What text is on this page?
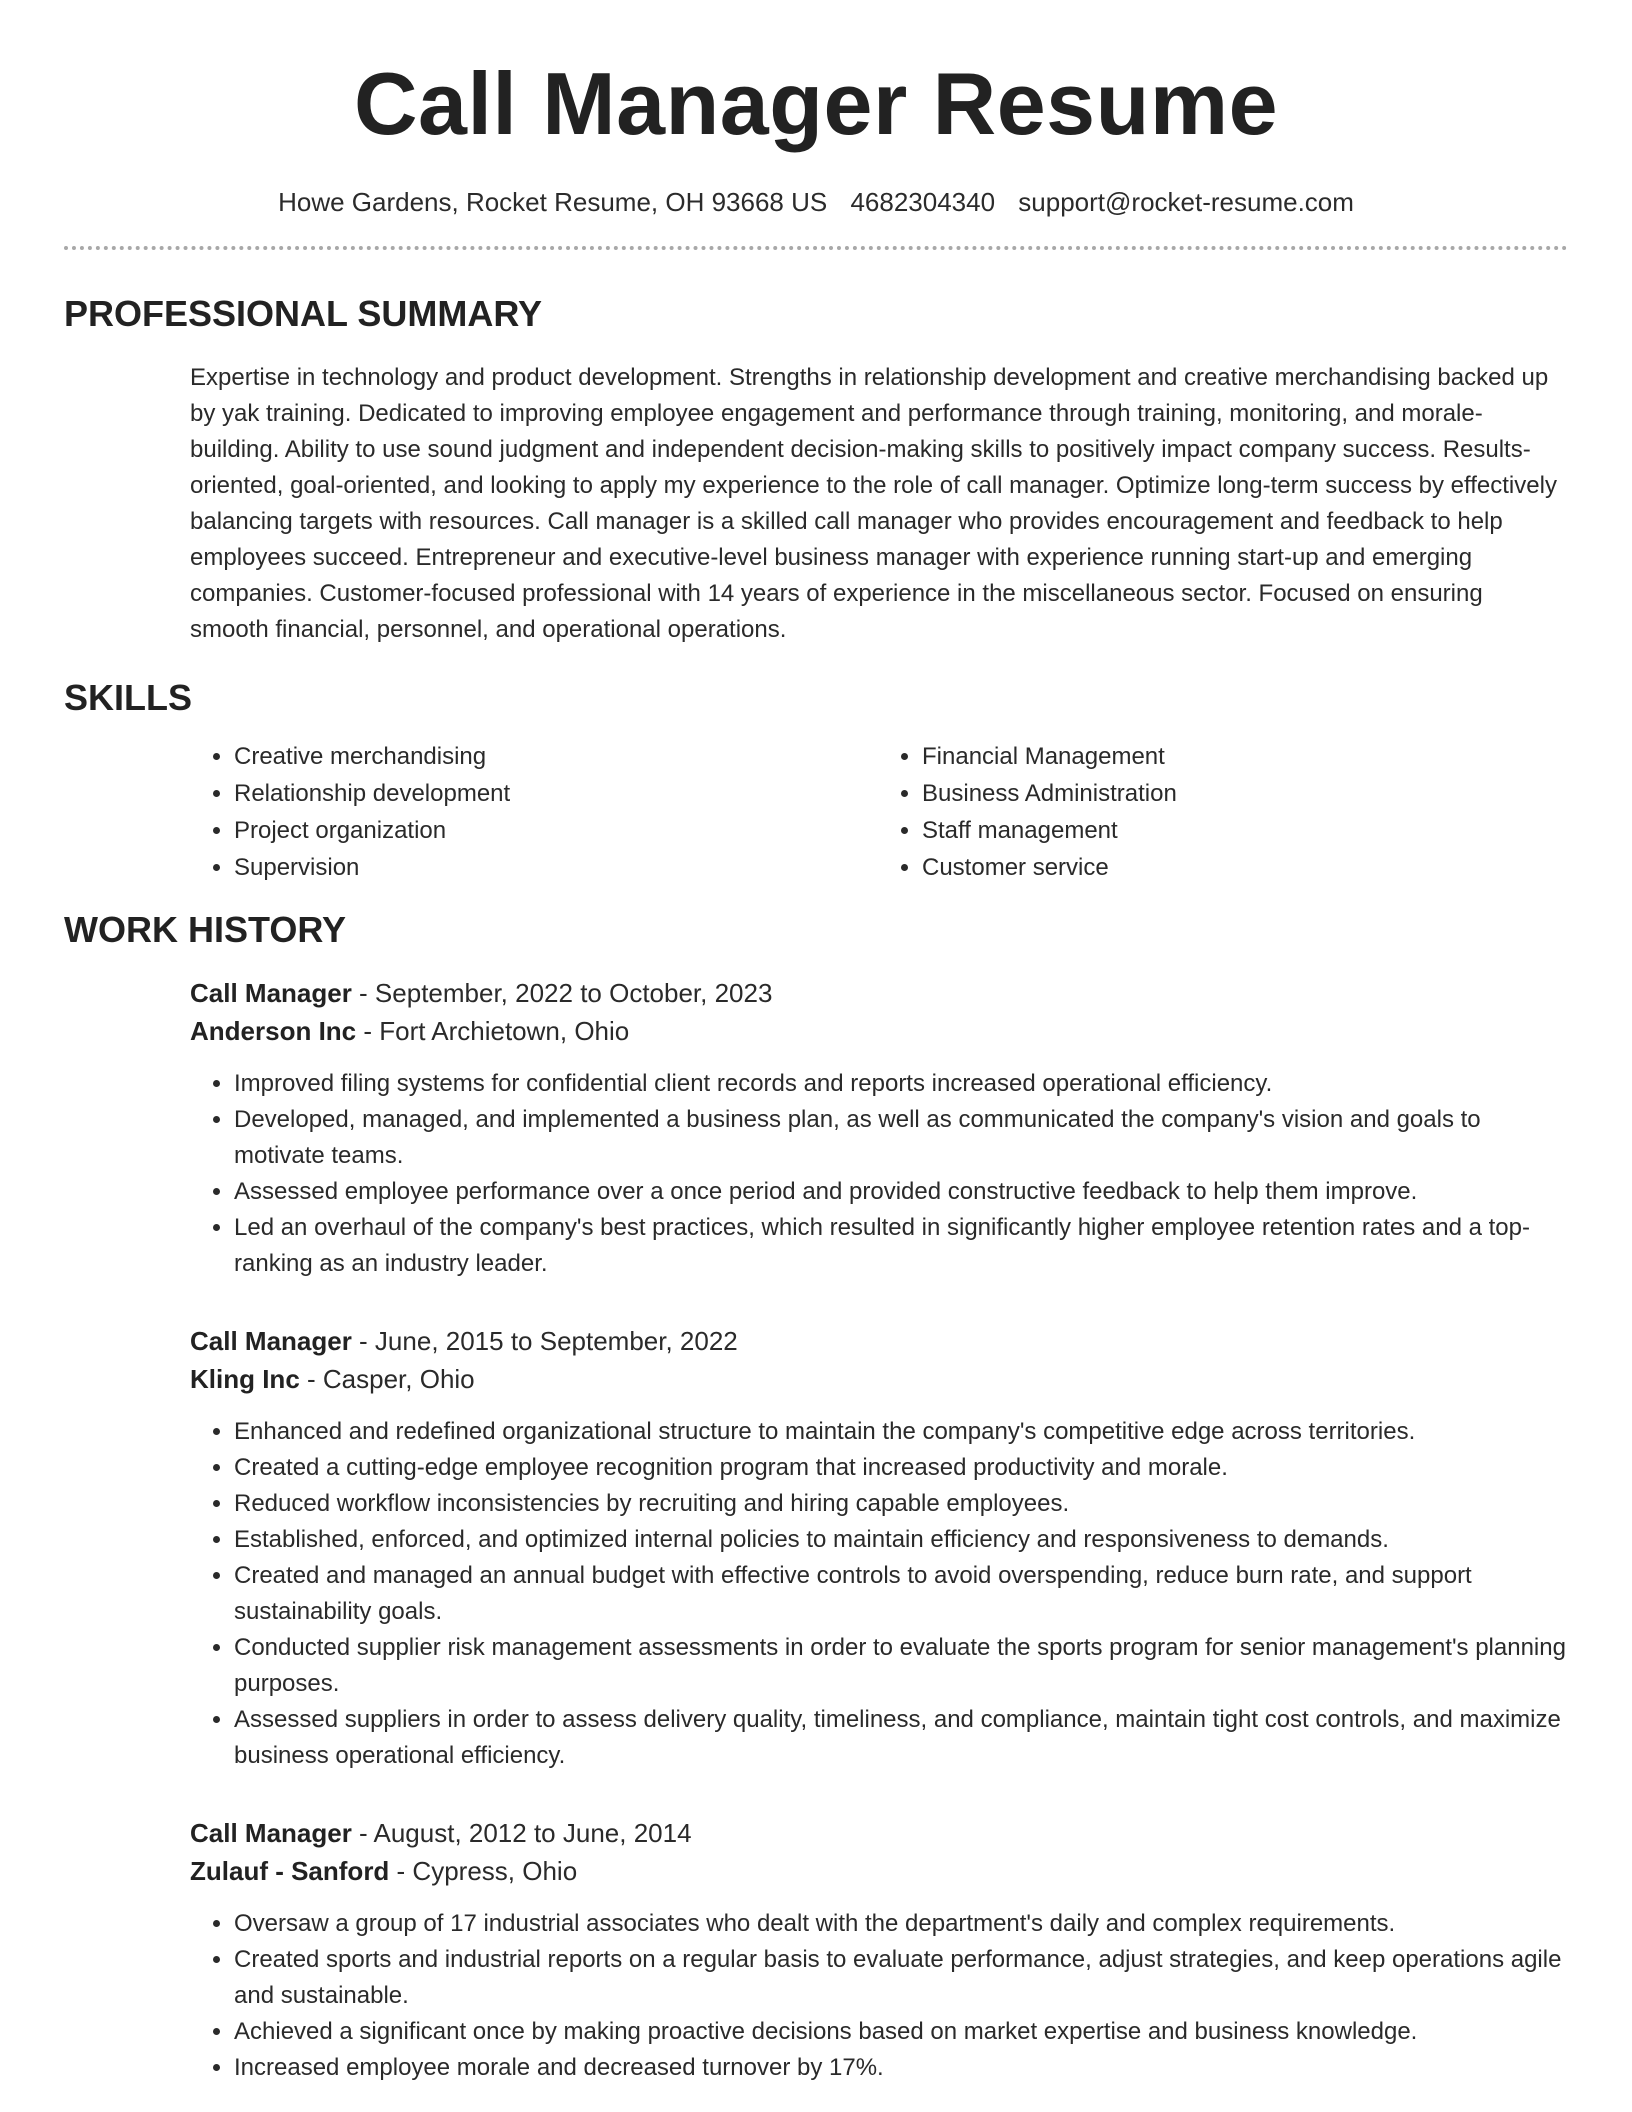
Call Manager Resume
Howe Gardens, Rocket Resume, OH 93668 US 4682304340 support@rocket-resume.com
PROFESSIONAL SUMMARY
Expertise in technology and product development. Strengths in relationship development and creative merchandising backed up by yak training. Dedicated to improving employee engagement and performance through training, monitoring, and morale-building. Ability to use sound judgment and independent decision-making skills to positively impact company success. Results-oriented, goal-oriented, and looking to apply my experience to the role of call manager. Optimize long-term success by effectively balancing targets with resources. Call manager is a skilled call manager who provides encouragement and feedback to help employees succeed. Entrepreneur and executive-level business manager with experience running start-up and emerging companies. Customer-focused professional with 14 years of experience in the miscellaneous sector. Focused on ensuring smooth financial, personnel, and operational operations.
SKILLS
• Creative merchandising
• Relationship development
• Project organization
• Supervision
• Financial Management
• Business Administration
• Staff management
• Customer service
WORK HISTORY
Call Manager - September, 2022 to October, 2023
Anderson Inc - Fort Archietown, Ohio
• Improved filing systems for confidential client records and reports increased operational efficiency.
• Developed, managed, and implemented a business plan, as well as communicated the company's vision and goals to motivate teams.
• Assessed employee performance over a once period and provided constructive feedback to help them improve.
• Led an overhaul of the company's best practices, which resulted in significantly higher employee retention rates and a top-ranking as an industry leader.
Call Manager - June, 2015 to September, 2022
Kling Inc - Casper, Ohio
• Enhanced and redefined organizational structure to maintain the company's competitive edge across territories.
• Created a cutting-edge employee recognition program that increased productivity and morale.
• Reduced workflow inconsistencies by recruiting and hiring capable employees.
• Established, enforced, and optimized internal policies to maintain efficiency and responsiveness to demands.
• Created and managed an annual budget with effective controls to avoid overspending, reduce burn rate, and support sustainability goals.
• Conducted supplier risk management assessments in order to evaluate the sports program for senior management's planning purposes.
• Assessed suppliers in order to assess delivery quality, timeliness, and compliance, maintain tight cost controls, and maximize business operational efficiency.
Call Manager - August, 2012 to June, 2014
Zulauf - Sanford - Cypress, Ohio
• Oversaw a group of 17 industrial associates who dealt with the department's daily and complex requirements.
• Created sports and industrial reports on a regular basis to evaluate performance, adjust strategies, and keep operations agile and sustainable.
• Achieved a significant once by making proactive decisions based on market expertise and business knowledge.
• Increased employee morale and decreased turnover by 17%.
